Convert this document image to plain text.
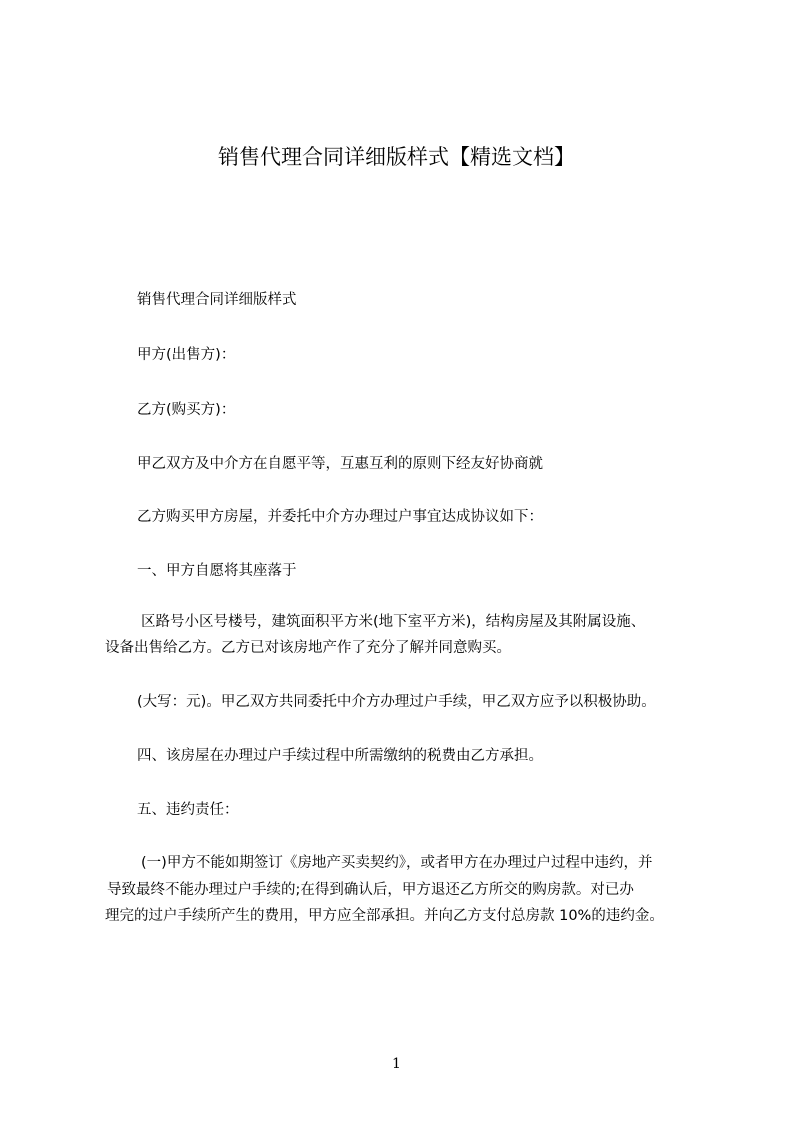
销售代理合同详细版样式【精选文档】
销售代理合同详细版样式
甲方(出售方)：
乙方(购买方)：
甲乙双方及中介方在自愿平等，互惠互利的原则下经友好协商就
乙方购买甲方房屋，并委托中介方办理过户事宜达成协议如下：
一、甲方自愿将其座落于
区路号小区号楼号，建筑面积平方米(地下室平方米)，结构房屋及其附属设施、
设备出售给乙方。乙方已对该房地产作了充分了解并同意购买。
(大写：元)。甲乙双方共同委托中介方办理过户手续，甲乙双方应予以积极协助。
四、该房屋在办理过户手续过程中所需缴纳的税费由乙方承担。
五、违约责任：
(一)甲方不能如期签订《房地产买卖契约》，或者甲方在办理过户过程中违约，并
导致最终不能办理过户手续的;在得到确认后，甲方退还乙方所交的购房款。对已办
理完的过户手续所产生的费用，甲方应全部承担。并向乙方支付总房款 10%的违约金。
1
